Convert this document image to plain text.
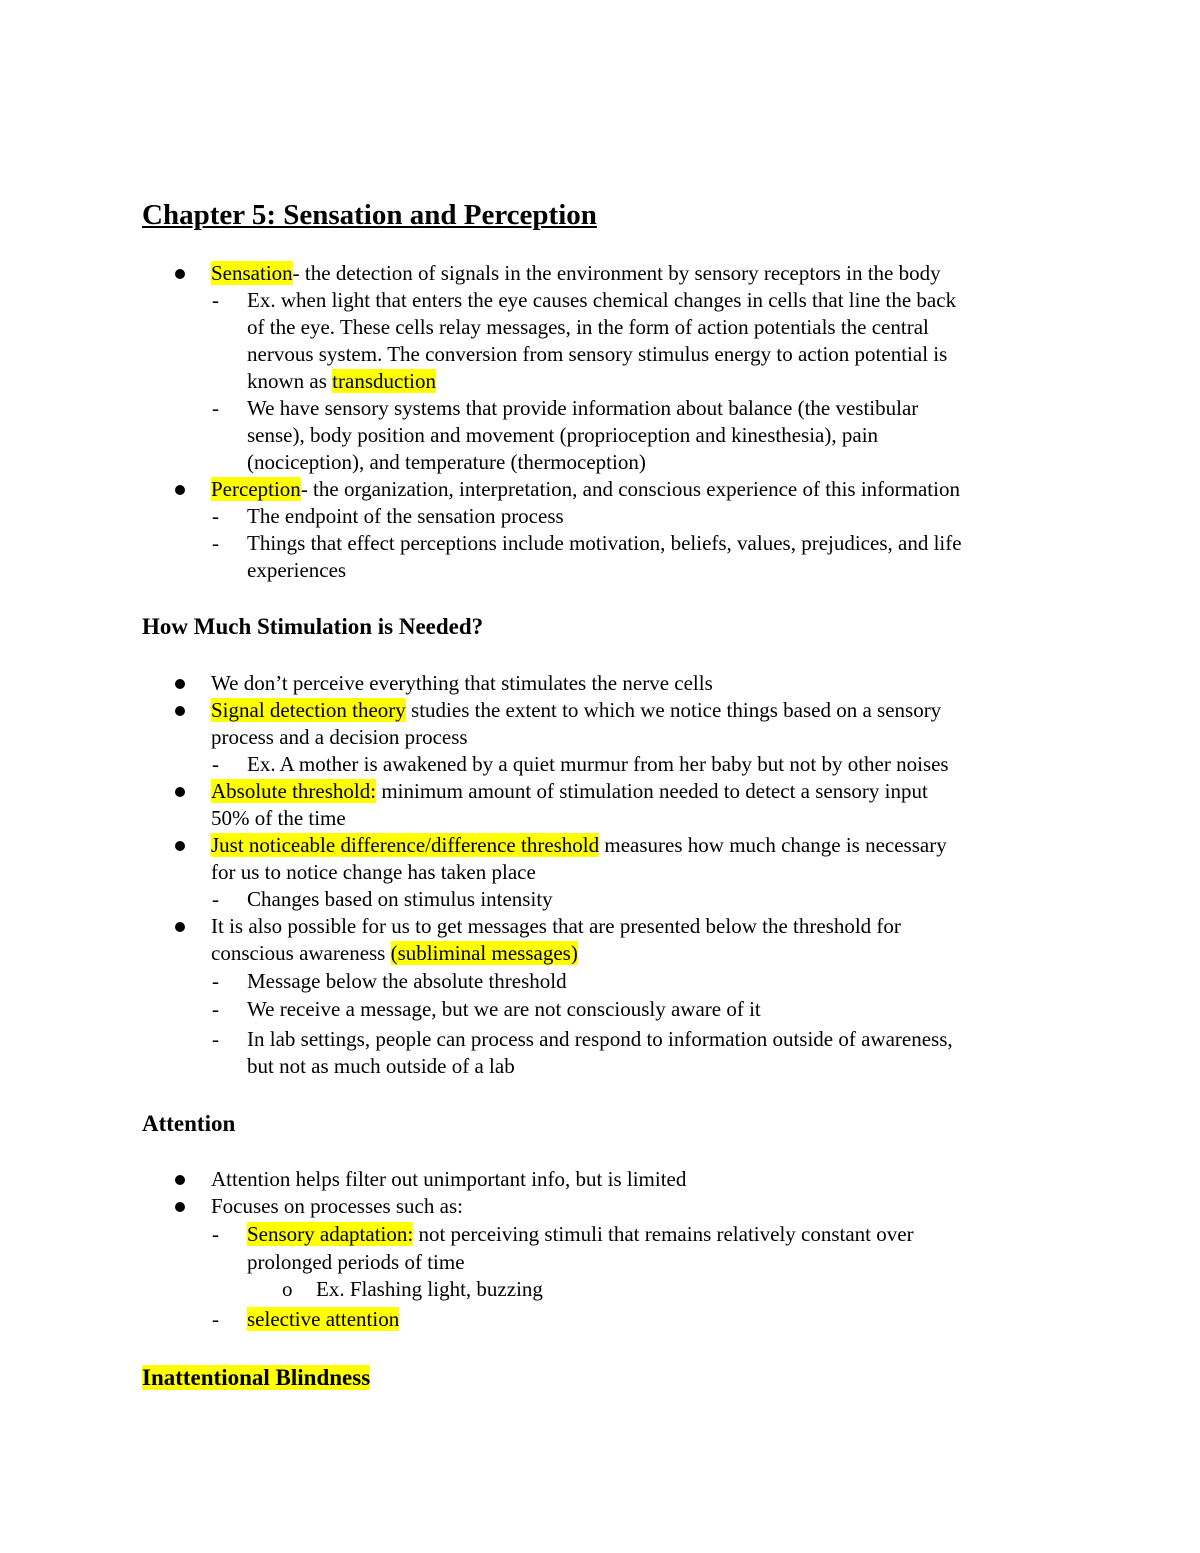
Chapter 5: Sensation and Perception
Sensation- the detection of signals in the environment by sensory receptors in the body
- Ex. when light that enters the eye causes chemical changes in cells that line the back
of the eye. These cells relay messages, in the form of action potentials the central
nervous system. The conversion from sensory stimulus energy to action potential is
known as transduction
- We have sensory systems that provide information about balance (the vestibular
sense), body position and movement (proprioception and kinesthesia), pain
(nociception), and temperature (thermoception)
Perception- the organization, interpretation, and conscious experience of this information
- The endpoint of the sensation process
- Things that effect perceptions include motivation, beliefs, values, prejudices, and life
experiences
How Much Stimulation is Needed?
We don’t perceive everything that stimulates the nerve cells
Signal detection theory studies the extent to which we notice things based on a sensory
process and a decision process
- Ex. A mother is awakened by a quiet murmur from her baby but not by other noises
Absolute threshold: minimum amount of stimulation needed to detect a sensory input
50% of the time
Just noticeable difference/difference threshold measures how much change is necessary
for us to notice change has taken place
- Changes based on stimulus intensity
It is also possible for us to get messages that are presented below the threshold for
conscious awareness (subliminal messages)
- Message below the absolute threshold
- We receive a message, but we are not consciously aware of it
- In lab settings, people can process and respond to information outside of awareness,
but not as much outside of a lab
Attention
Attention helps filter out unimportant info, but is limited
Focuses on processes such as:
- Sensory adaptation: not perceiving stimuli that remains relatively constant over
prolonged periods of time
o Ex. Flashing light, buzzing
- selective attention
Inattentional Blindness
